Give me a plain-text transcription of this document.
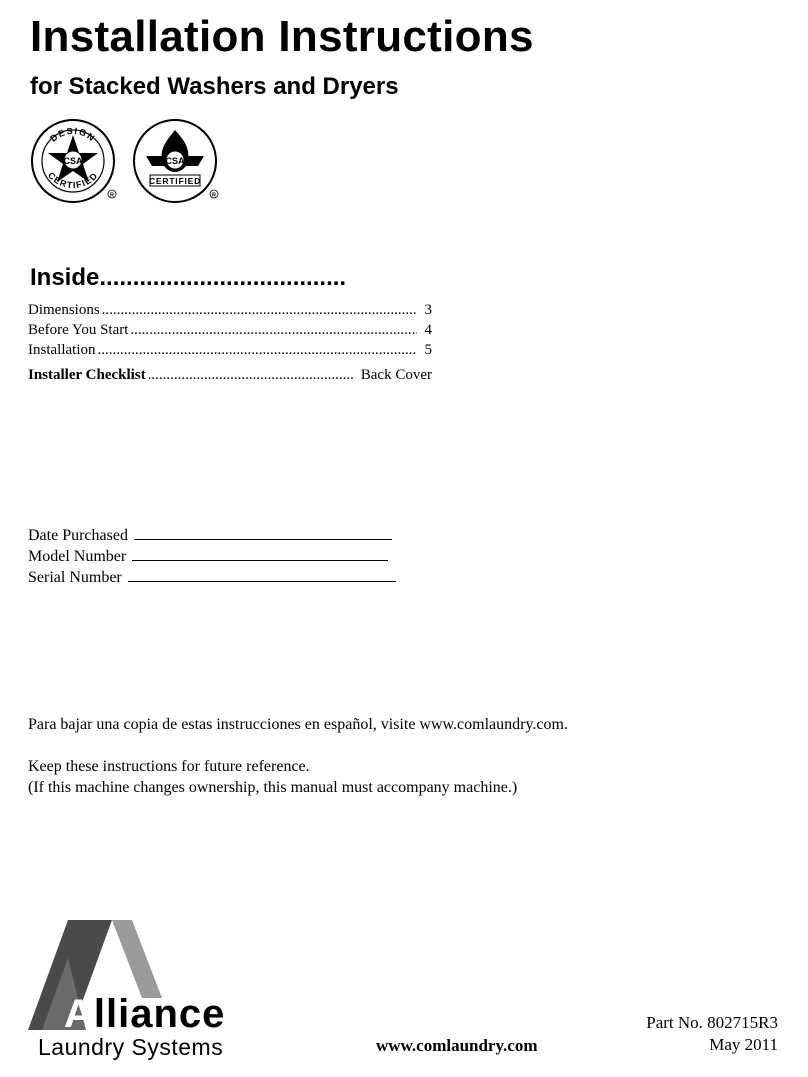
Installation Instructions
for Stacked Washers and Dryers
DESIGN
CSA
CERTIFIED
R
CSA
CERTIFIED
R
Inside.....................................
Dimensions .....	3
Before You Start .....	4
Installation .....	5
Installer Checklist .....	Back Cover
Date Purchased
Model Number
Serial Number
Para bajar una copia de estas instrucciones en español, visite www.comlaundry.com.
Keep these instructions for future reference.
(If this machine changes ownership, this manual must accompany machine.)
Alliance
Laundry Systems	www.comlaundry.com
Part No. 802715R3
May 2011
